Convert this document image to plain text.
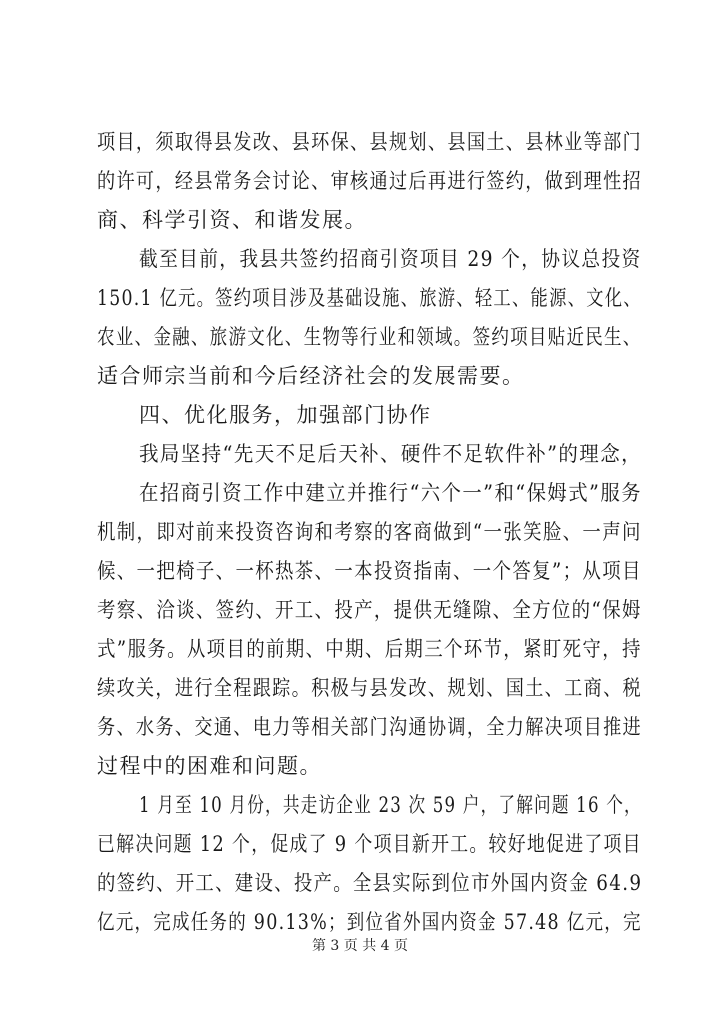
项目，须取得县发改、县环保、县规划、县国土、县林业等部门
的许可，经县常务会讨论、审核通过后再进行签约，做到理性招
商、科学引资、和谐发展。
截至目前，我县共签约招商引资项目 29 个，协议总投资
150.1 亿元。签约项目涉及基础设施、旅游、轻工、能源、文化、
农业、金融、旅游文化、生物等行业和领域。签约项目贴近民生、
适合师宗当前和今后经济社会的发展需要。
四、优化服务，加强部门协作
我局坚持“先天不足后天补、硬件不足软件补”的理念，
在招商引资工作中建立并推行“六个一”和“保姆式”服务
机制，即对前来投资咨询和考察的客商做到“一张笑脸、一声问
候、一把椅子、一杯热茶、一本投资指南、一个答复”；从项目
考察、洽谈、签约、开工、投产，提供无缝隙、全方位的“保姆
式”服务。从项目的前期、中期、后期三个环节，紧盯死守，持
续攻关，进行全程跟踪。积极与县发改、规划、国土、工商、税
务、水务、交通、电力等相关部门沟通协调，全力解决项目推进
过程中的困难和问题。
1 月至 10 月份，共走访企业 23 次 59 户，了解问题 16 个，
已解决问题 12 个，促成了 9 个项目新开工。较好地促进了项目
的签约、开工、建设、投产。全县实际到位市外国内资金 64.9
亿元，完成任务的 90.13%；到位省外国内资金 57.48 亿元，完
第 3 页 共 4 页
